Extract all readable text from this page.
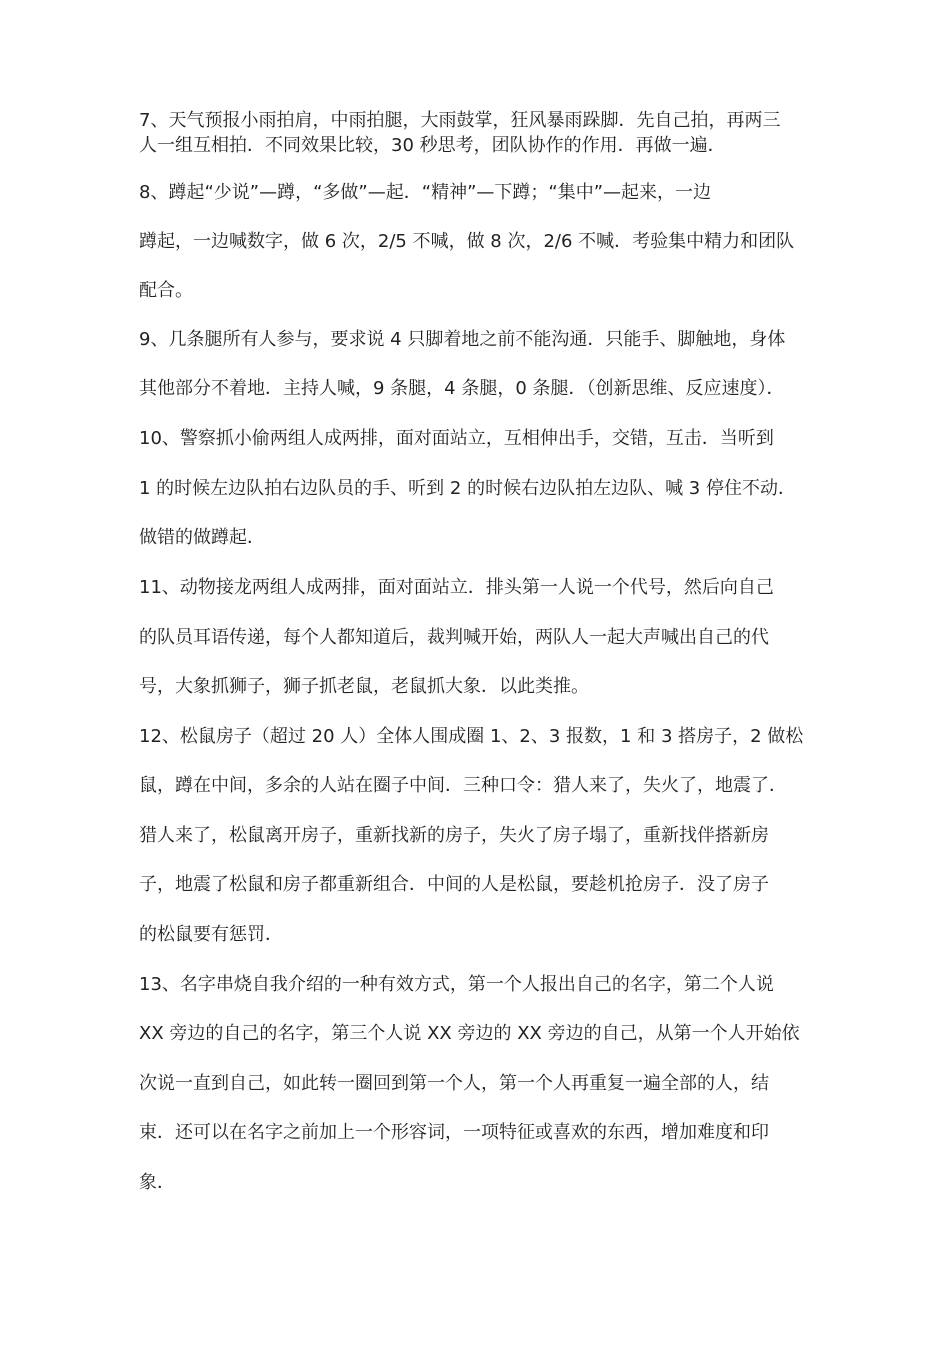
7、天气预报小雨拍肩，中雨拍腿，大雨鼓掌，狂风暴雨跺脚．先自己拍，再两三
人一组互相拍．不同效果比较，30 秒思考，团队协作的作用．再做一遍．
8、蹲起“少说”—蹲，“多做”—起．“精神”—下蹲；“集中”—起来，一边
蹲起，一边喊数字，做 6 次，2/5 不喊，做 8 次，2/6 不喊．考验集中精力和团队
配合。
9、几条腿所有人参与，要求说 4 只脚着地之前不能沟通．只能手、脚触地，身体
其他部分不着地．主持人喊，9 条腿，4 条腿，0 条腿．（创新思维、反应速度）．
10、警察抓小偷两组人成两排，面对面站立，互相伸出手，交错，互击．当听到
1 的时候左边队拍右边队员的手、听到 2 的时候右边队拍左边队、喊 3 停住不动．
做错的做蹲起．
11、动物接龙两组人成两排，面对面站立．排头第一人说一个代号，然后向自己
的队员耳语传递，每个人都知道后，裁判喊开始，两队人一起大声喊出自己的代
号，大象抓狮子，狮子抓老鼠，老鼠抓大象．以此类推。
12、松鼠房子（超过 20 人）全体人围成圈 1、2、3 报数，1 和 3 搭房子，2 做松
鼠，蹲在中间，多余的人站在圈子中间．三种口令：猎人来了，失火了，地震了．
猎人来了，松鼠离开房子，重新找新的房子，失火了房子塌了，重新找伴搭新房
子，地震了松鼠和房子都重新组合．中间的人是松鼠，要趁机抢房子．没了房子
的松鼠要有惩罚．
13、名字串烧自我介绍的一种有效方式，第一个人报出自己的名字，第二个人说
XX 旁边的自己的名字，第三个人说 XX 旁边的 XX 旁边的自己，从第一个人开始依
次说一直到自己，如此转一圈回到第一个人，第一个人再重复一遍全部的人，结
束．还可以在名字之前加上一个形容词，一项特征或喜欢的东西，增加难度和印
象．
